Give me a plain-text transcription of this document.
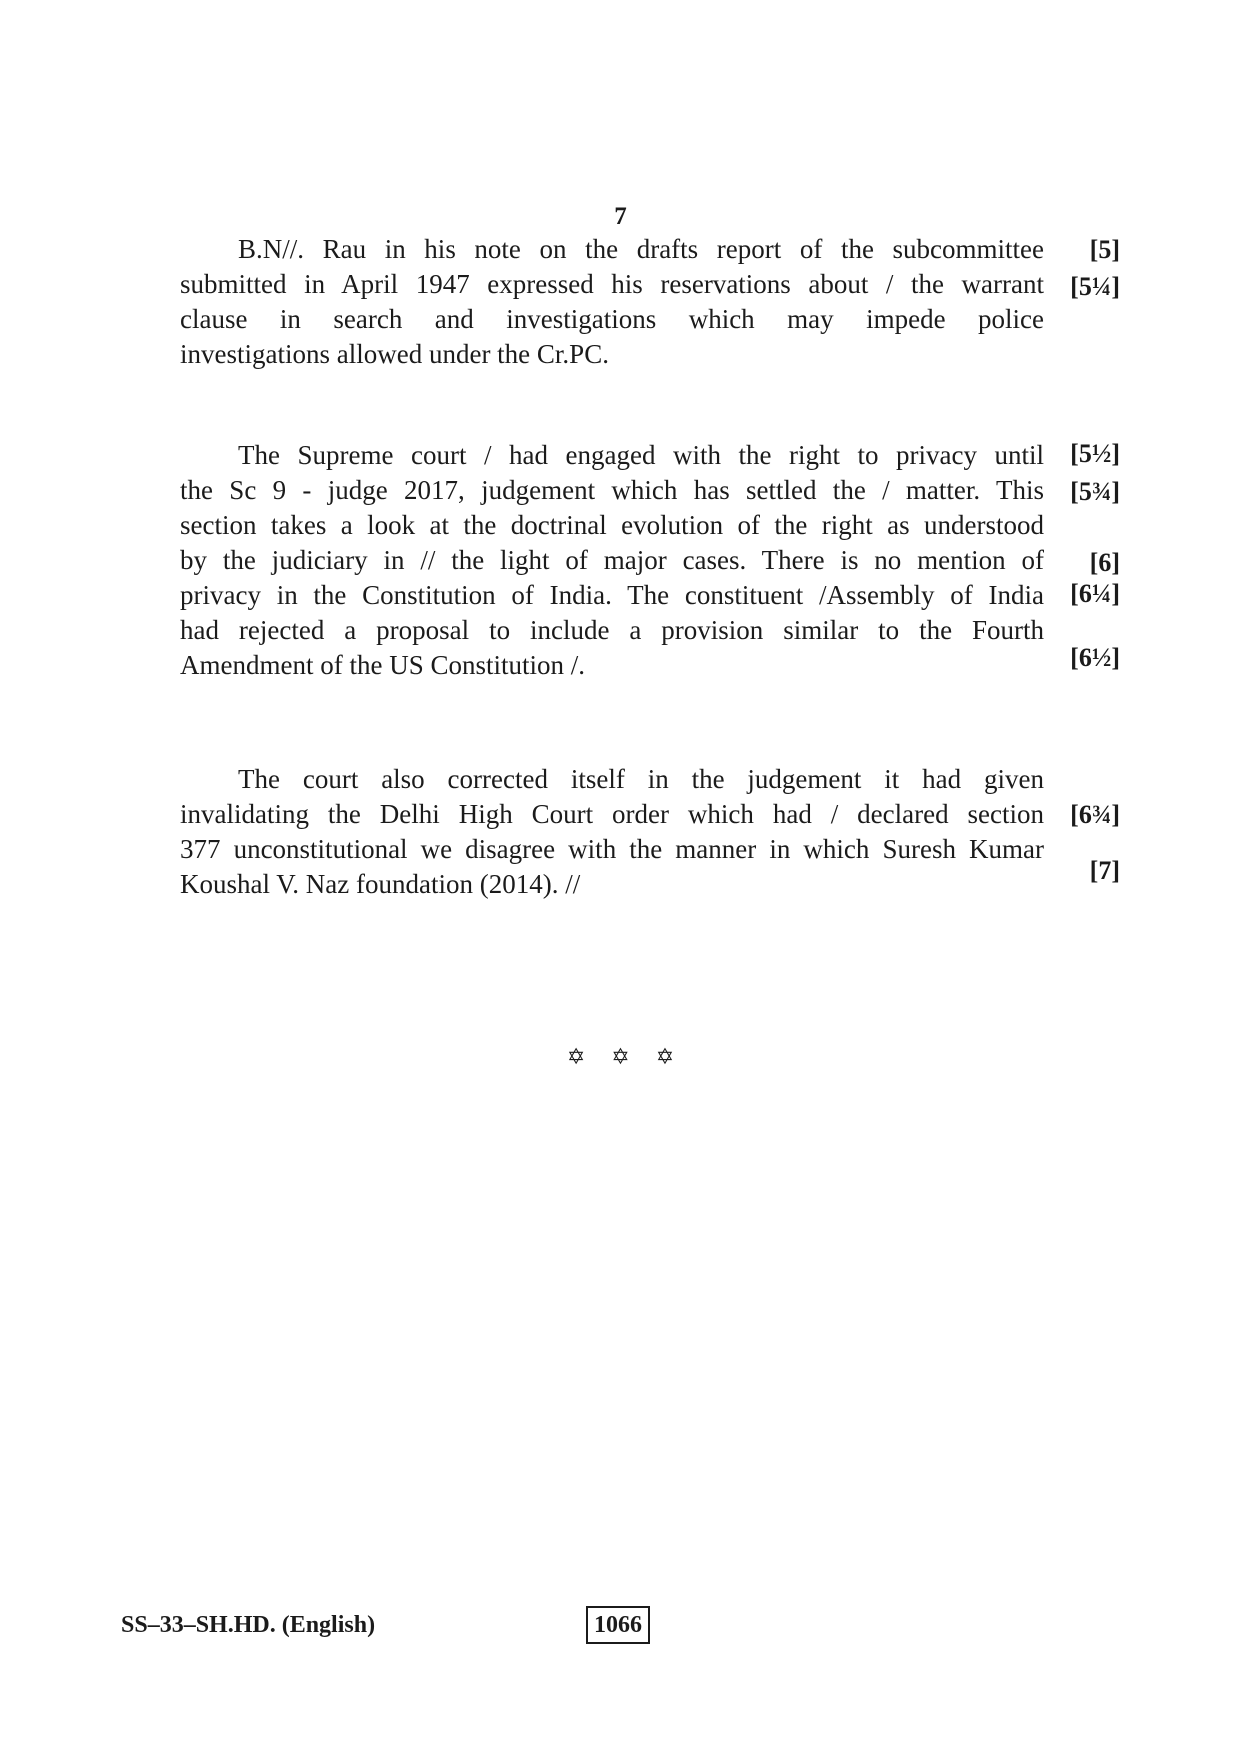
7
B.N//. Rau in his note on the drafts report of the subcommittee
submitted in April 1947 expressed his reservations about / the warrant
clause in search and investigations which may impede police
investigations allowed under the Cr.PC.
The Supreme court / had engaged with the right to privacy until
the Sc 9 - judge 2017, judgement which has settled the / matter. This
section takes a look at the doctrinal evolution of the right as understood
by the judiciary in // the light of major cases. There is no mention of
privacy in the Constitution of India. The constituent /Assembly of India
had rejected a proposal to include a provision similar to the Fourth
Amendment of the US Constitution /.
The court also corrected itself in the judgement it had given
invalidating the Delhi High Court order which had / declared section
377 unconstitutional we disagree with the manner in which Suresh Kumar
Koushal V. Naz foundation (2014). //
[5]
[5¼]
[5½]
[5¾]
[6]
[6¼]
[6½]
[6¾]
[7]
✡✡✡
SS–33–SH.HD. (English)	1066
